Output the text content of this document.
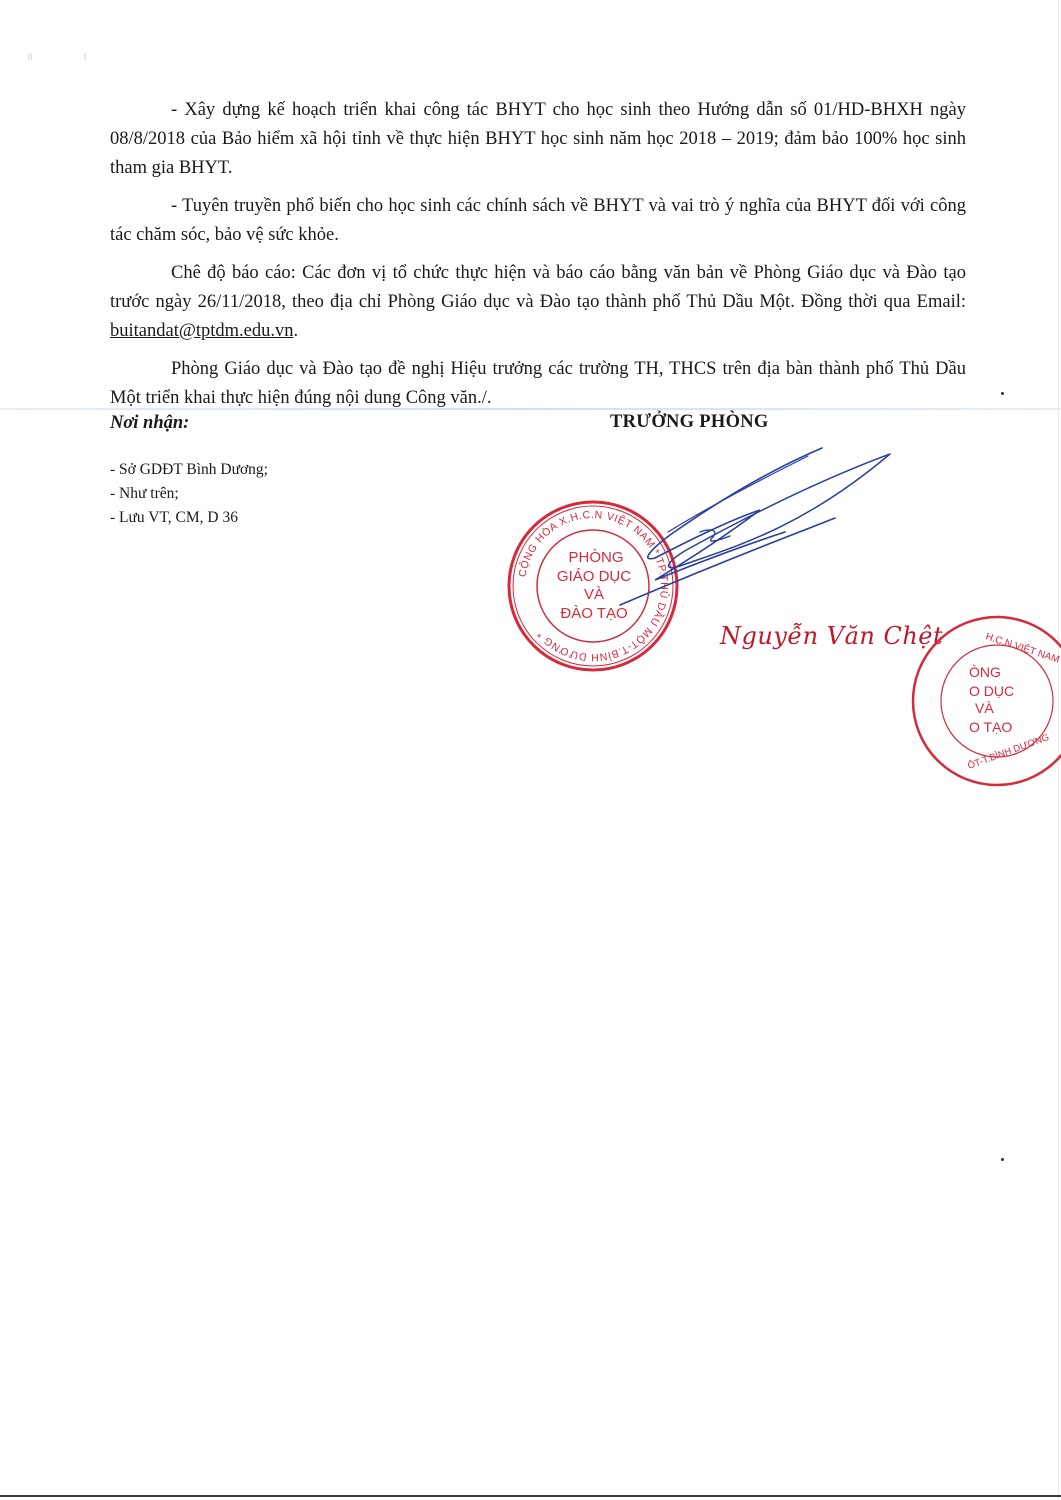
0 1

- Xây dựng kế hoạch triển khai công tác BHYT cho học sinh theo Hướng dẫn số 01/HD-BHXH ngày 08/8/2018 của Bảo hiểm xã hội tỉnh về thực hiện BHYT học sinh năm học 2018 – 2019; đảm bảo 100% học sinh tham gia BHYT.

- Tuyên truyền phổ biến cho học sinh các chính sách về BHYT và vai trò ý nghĩa của BHYT đối với công tác chăm sóc, bảo vệ sức khỏe.

Chê độ báo cáo: Các đơn vị tổ chức thực hiện và báo cáo bằng văn bản về Phòng Giáo dục và Đào tạo trước ngày 26/11/2018, theo địa chỉ Phòng Giáo dục và Đào tạo thành phố Thủ Dầu Một. Đồng thời qua Email: buitandat@tptdm.edu.vn.

Phòng Giáo dục và Đào tạo đề nghị Hiệu trưởng các trường TH, THCS trên địa bàn thành phố Thủ Dầu Một triển khai thực hiện đúng nội dung Công văn./.

Nơi nhận:
- Sở GDĐT Bình Dương;
- Như trên;
- Lưu VT, CM, D 36
TRƯỞNG PHÒNG
CỘNG HÒA X.H.C.N VIỆT NAM * TP.THỦ DẦU MỘT-T.BÌNH DƯƠNG *
PHÒNG
GIÁO DỤC
VÀ
ĐÀO TẠO
Nguyễn Văn Chệt	H.C.N VIỆT NAM
ÒNG
O DỤC
VÀ
O TẠO
ÔT-T.BÌNH DƯƠNG
